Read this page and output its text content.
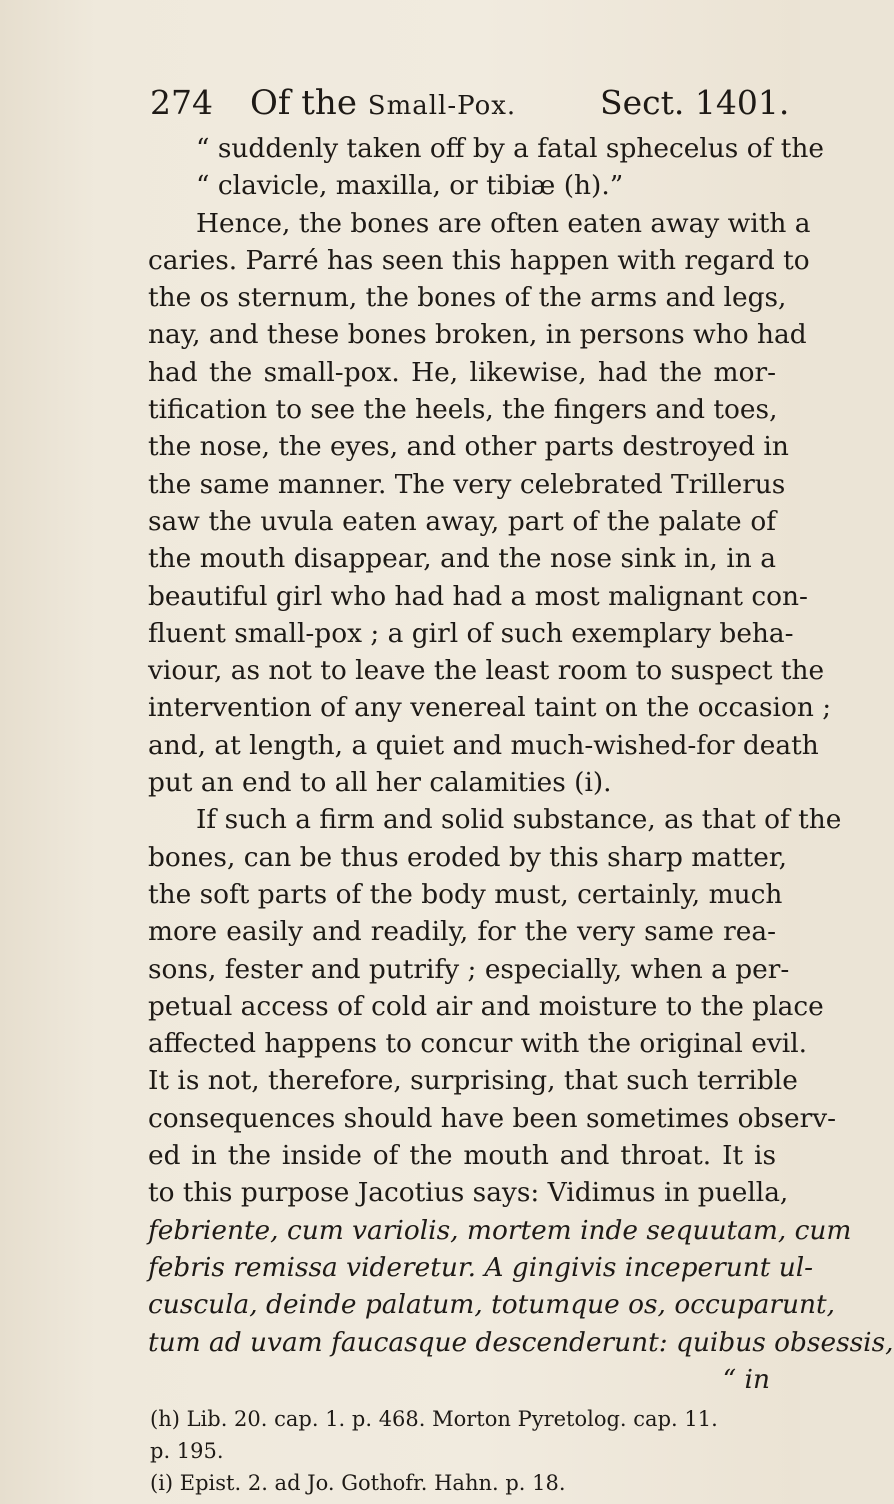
274 Of the Small-Pox.	Sect. 1401.
“ suddenly taken off by a fatal sphecelus of the
“ clavicle, maxilla, or tibiæ (h).”
Hence, the bones are often eaten away with a
caries. Parré has seen this happen with regard to
the os sternum, the bones of the arms and legs,
nay, and these bones broken, in persons who had
had the small-pox. He, likewise, had the mor-
tification to see the heels, the fingers and toes,
the nose, the eyes, and other parts destroyed in
the same manner. The very celebrated Trillerus
saw the uvula eaten away, part of the palate of
the mouth disappear, and the nose sink in, in a
beautiful girl who had had a most malignant con-
fluent small-pox ; a girl of such exemplary beha-
viour, as not to leave the least room to suspect the
intervention of any venereal taint on the occasion ;
and, at length, a quiet and much-wished-for death
put an end to all her calamities (i).
If such a firm and solid substance, as that of the
bones, can be thus eroded by this sharp matter,
the soft parts of the body must, certainly, much
more easily and readily, for the very same rea-
sons, fester and putrify ; especially, when a per-
petual access of cold air and moisture to the place
affected happens to concur with the original evil.
It is not, therefore, surprising, that such terrible
consequences should have been sometimes observ-
ed in the inside of the mouth and throat. It is
to this purpose Jacotius says: Vidimus in puella,
febriente, cum variolis, mortem inde sequutam, cum
febris remissa videretur. A gingivis inceperunt ul-
cuscula, deinde palatum, totumque os, occuparunt,
tum ad uvam faucasque descenderunt: quibus obsessis,
“ in
(h) Lib. 20. cap. 1. p. 468. Morton Pyretolog. cap. 11.
p. 195.
(i) Epist. 2. ad Jo. Gothofr. Hahn. p. 18.
